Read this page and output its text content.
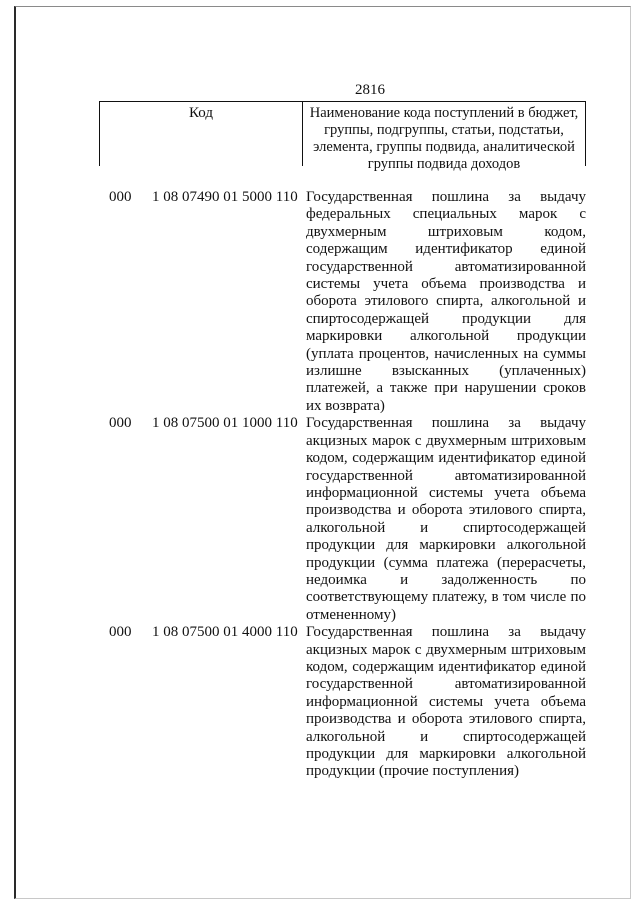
2816
Код	Наименование кода поступлений в бюджет, группы, подгруппы, статьи, подстатьи, элемента, группы подвида, аналитической группы подвида доходов
000	1 08 07490 01 5000 110 Государственная пошлина за выдачу федеральных специальных марок с двухмерным штриховым кодом, содержащим идентификатор единой государственной автоматизированной системы учета объема производства и оборота этилового спирта, алкогольной и спиртосодержащей продукции для маркировки алкогольной продукции (уплата процентов, начисленных на суммы излишне взысканных (уплаченных) платежей, а также при нарушении сроков их возврата)
000	1 08 07500 01 1000 110 Государственная пошлина за выдачу акцизных марок с двухмерным штриховым кодом, содержащим идентификатор единой государственной автоматизированной информационной системы учета объема производства и оборота этилового спирта, алкогольной и спиртосодержащей продукции для маркировки алкогольной продукции (сумма платежа (перерасчеты, недоимка и задолженность по соответствующему платежу, в том числе по отмененному)
000	1 08 07500 01 4000 110 Государственная пошлина за выдачу акцизных марок с двухмерным штриховым кодом, содержащим идентификатор единой государственной автоматизированной информационной системы учета объема производства и оборота этилового спирта, алкогольной и спиртосодержащей продукции для маркировки алкогольной продукции (прочие поступления)
